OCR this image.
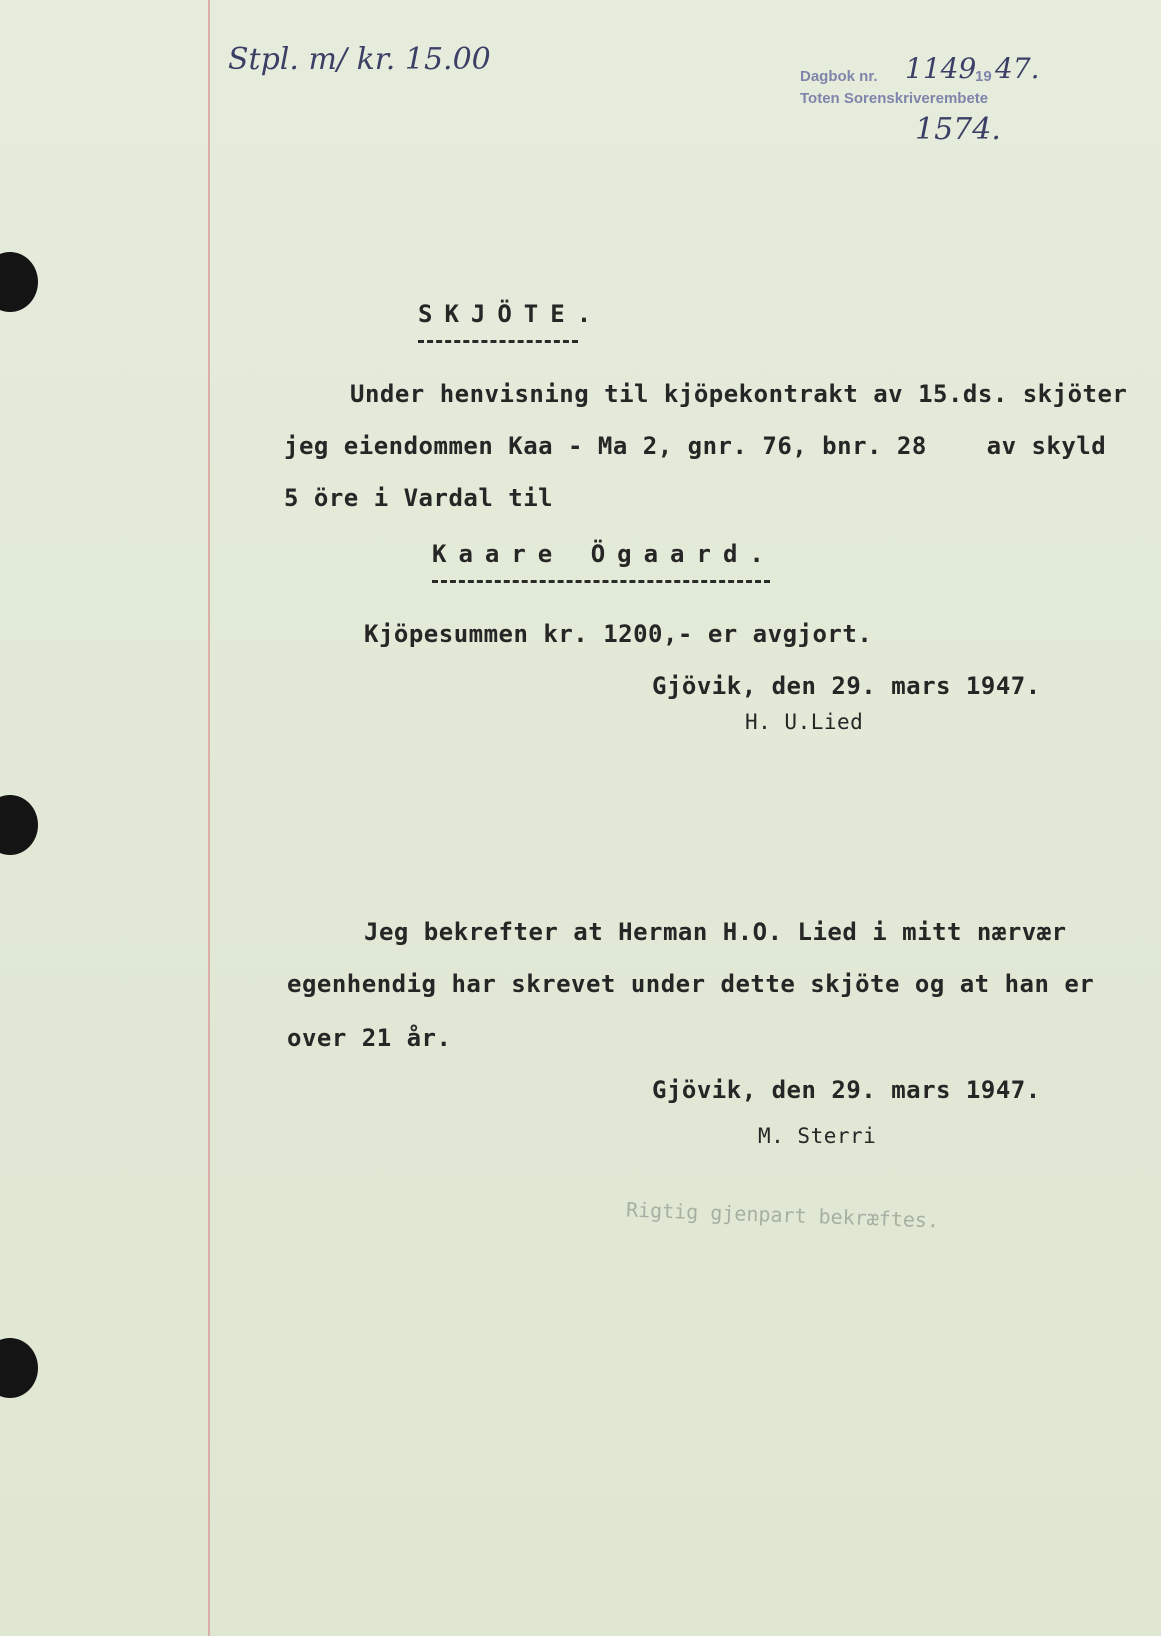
Stpl. m/ kr. 15.00	Dagbok nr. 1149
19 47.
Toten Sorenskriverembete
1574.
SKJÖTE.
Under henvisning til kjöpekontrakt av 15.ds. skjöter
jeg eiendommen Kaa - Ma 2, gnr. 76, bnr. 28    av skyld
5 öre i Vardal til
Kaare Ögaard.
Kjöpesummen kr. 1200,- er avgjort.
Gjövik, den 29. mars 1947.
H. U.Lied
Jeg bekrefter at Herman H.O. Lied i mitt nærvær
egenhendig har skrevet under dette skjöte og at han er
over 21 år.
Gjövik, den 29. mars 1947.
M. Sterri
Rigtig gjenpart bekræftes.
